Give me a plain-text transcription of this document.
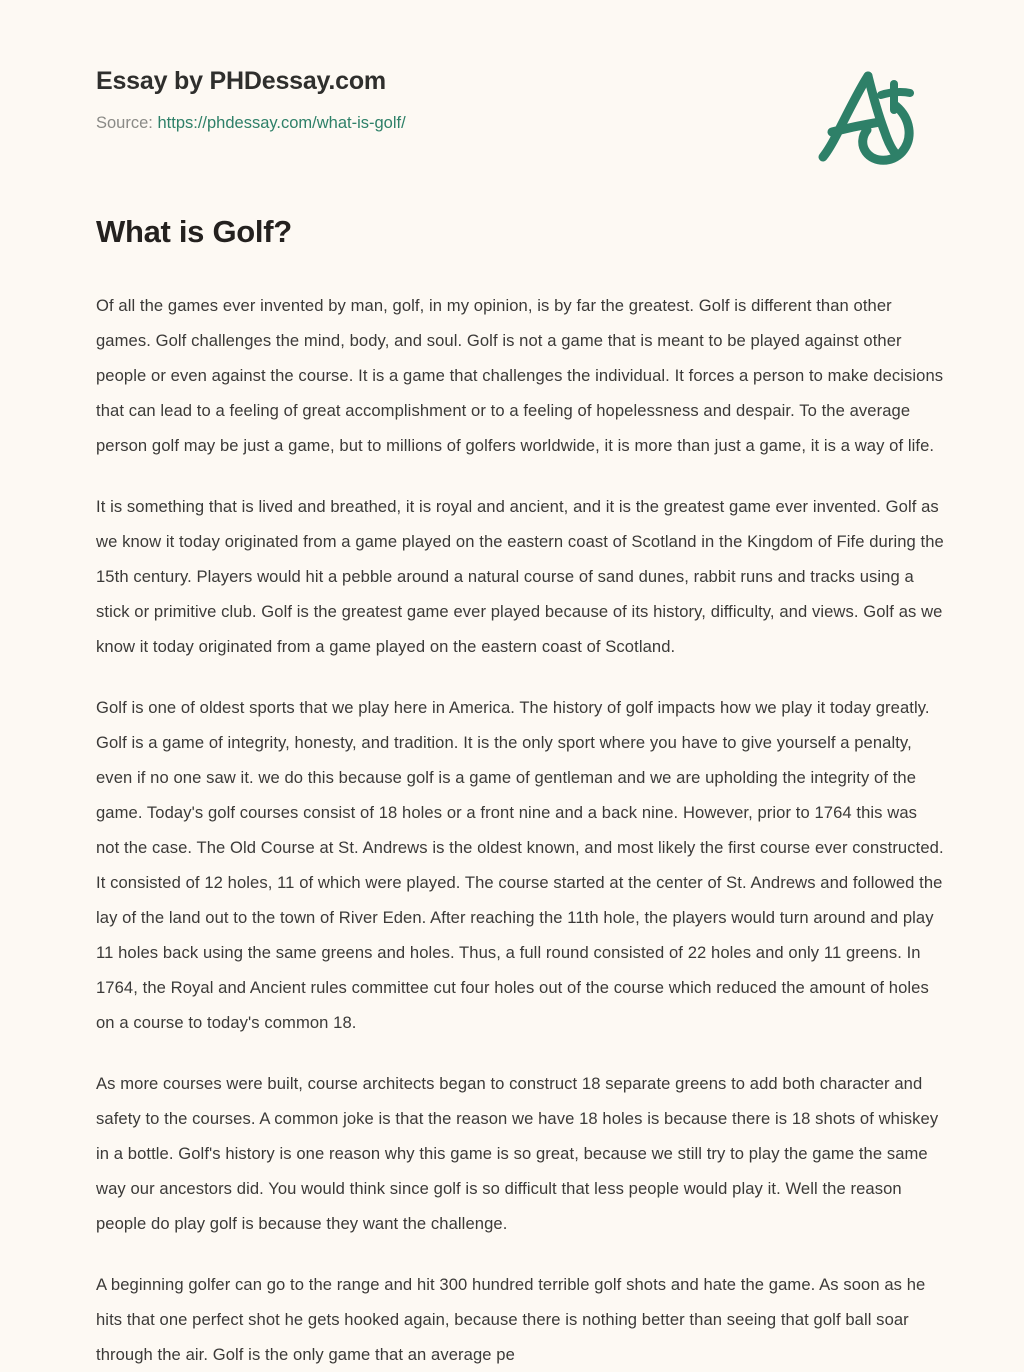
Essay by PHDessay.com
Source: https://phdessay.com/what-is-golf/
What is Golf?

Of all the games ever invented by man, golf, in my opinion, is by far the greatest. Golf is different than other games. Golf challenges the mind, body, and soul. Golf is not a game that is meant to be played against other people or even against the course. It is a game that challenges the individual. It forces a person to make decisions that can lead to a feeling of great accomplishment or to a feeling of hopelessness and despair. To the average person golf may be just a game, but to millions of golfers worldwide, it is more than just a game, it is a way of life.

It is something that is lived and breathed, it is royal and ancient, and it is the greatest game ever invented. Golf as we know it today originated from a game played on the eastern coast of Scotland in the Kingdom of Fife during the 15th century. Players would hit a pebble around a natural course of sand dunes, rabbit runs and tracks using a stick or primitive club. Golf is the greatest game ever played because of its history, difficulty, and views. Golf as we know it today originated from a game played on the eastern coast of Scotland.

Golf is one of oldest sports that we play here in America. The history of golf impacts how we play it today greatly. Golf is a game of integrity, honesty, and tradition. It is the only sport where you have to give yourself a penalty, even if no one saw it. we do this because golf is a game of gentleman and we are upholding the integrity of the game. Today's golf courses consist of 18 holes or a front nine and a back nine. However, prior to 1764 this was not the case. The Old Course at St. Andrews is the oldest known, and most likely the first course ever constructed. It consisted of 12 holes, 11 of which were played. The course started at the center of St. Andrews and followed the lay of the land out to the town of River Eden. After reaching the 11th hole, the players would turn around and play 11 holes back using the same greens and holes. Thus, a full round consisted of 22 holes and only 11 greens. In 1764, the Royal and Ancient rules committee cut four holes out of the course which reduced the amount of holes on a course to today's common 18.

As more courses were built, course architects began to construct 18 separate greens to add both character and safety to the courses. A common joke is that the reason we have 18 holes is because there is 18 shots of whiskey in a bottle. Golf's history is one reason why this game is so great, because we still try to play the game the same way our ancestors did. You would think since golf is so difficult that less people would play it. Well the reason people do play golf is because they want the challenge.

A beginning golfer can go to the range and hit 300 hundred terrible golf shots and hate the game. As soon as he hits that one perfect shot he gets hooked again, because there is nothing better than seeing that golf ball soar through the air. Golf is the only game that an average pe
